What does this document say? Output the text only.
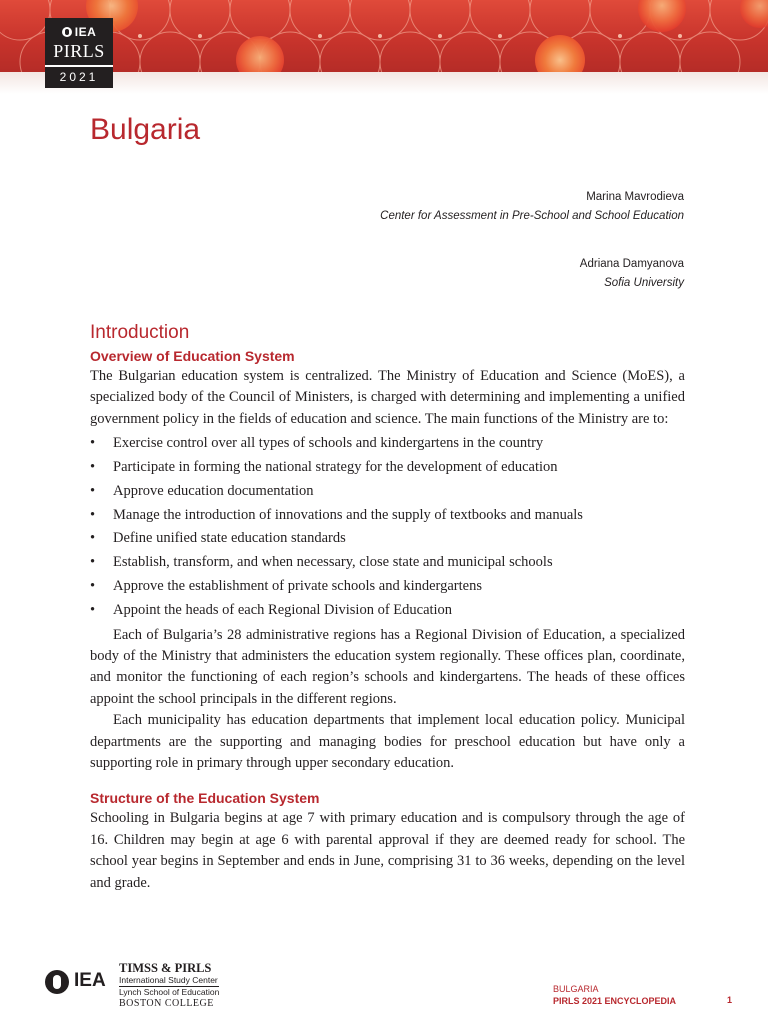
IEA
PIRLS
2021
Bulgaria
Marina Mavrodieva
Center for Assessment in Pre-School and School Education
Adriana Damyanova
Sofia University
Introduction
Overview of Education System

The Bulgarian education system is centralized. The Ministry of Education and Science (MoES), a specialized body of the Council of Ministers, is charged with determining and implementing a unified government policy in the fields of education and science. The main functions of the Ministry are to:

• Exercise control over all types of schools and kindergartens in the country
• Participate in forming the national strategy for the development of education
• Approve education documentation
• Manage the introduction of innovations and the supply of textbooks and manuals
• Define unified state education standards
• Establish, transform, and when necessary, close state and municipal schools
• Approve the establishment of private schools and kindergartens
• Appoint the heads of each Regional Division of Education

Each of Bulgaria’s 28 administrative regions has a Regional Division of Education, a specialized body of the Ministry that administers the education system regionally. These offices plan, coordinate, and monitor the functioning of each region’s schools and kindergartens. The heads of these offices appoint the school principals in the different regions.

Each municipality has education departments that implement local education policy. Municipal departments are the supporting and managing bodies for preschool education but have only a supporting role in primary through upper secondary education.

Structure of the Education System

Schooling in Bulgaria begins at age 7 with primary education and is compulsory through the age of 16. Children may begin at age 6 with parental approval if they are deemed ready for school. The school year begins in September and ends in June, comprising 31 to 36 weeks, depending on the level and grade.

IEA
TIMSS & PIRLS
International Study Center
Lynch School of Education
BOSTON COLLEGE
BULGARIA
PIRLS 2021 ENCYCLOPEDIA	1
